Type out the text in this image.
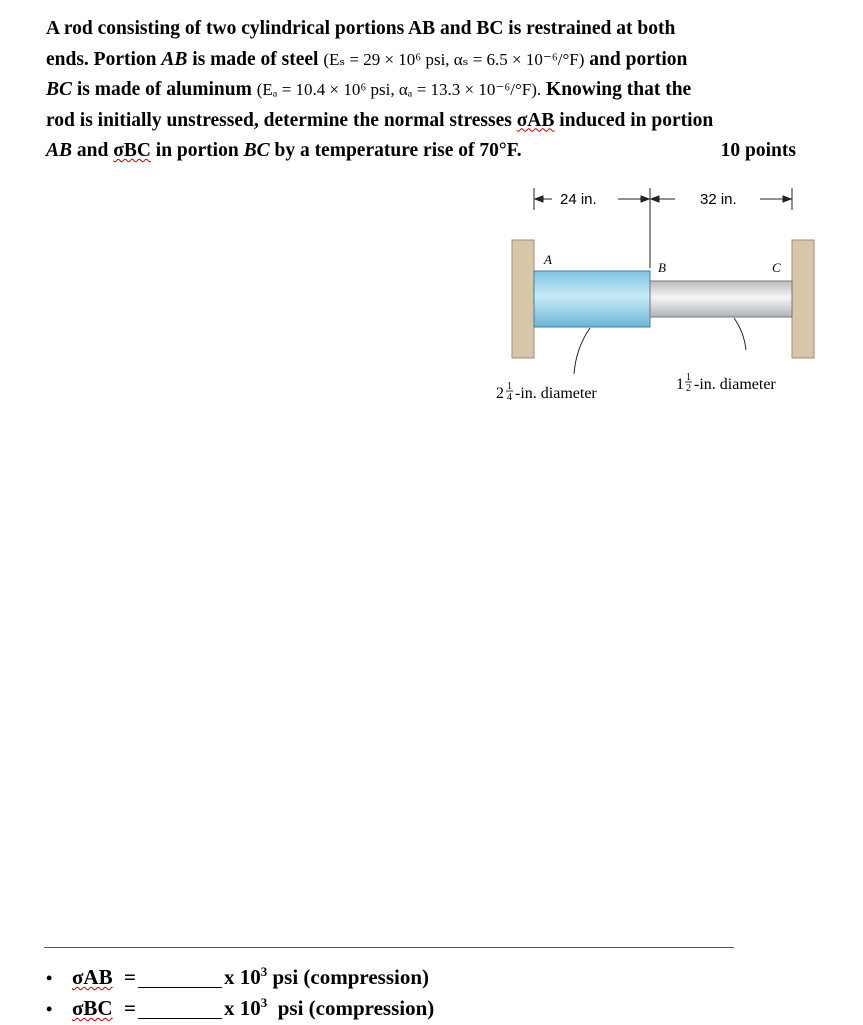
A rod consisting of two cylindrical portions AB and BC is restrained at both
ends. Portion AB is made of steel (Eₛ = 29 × 10⁶ psi, αₛ = 6.5 × 10⁻⁶/°F) and portion
BC is made of aluminum (Eₐ = 10.4 × 10⁶ psi, αₐ = 13.3 × 10⁻⁶/°F). Knowing that the
rod is initially unstressed, determine the normal stresses σAB induced in portion
AB and σBC in portion BC by a temperature rise of 70°F.	10 points
24 in.	32 in.
A
B	C
2 1
4 -in. diameter
1 1
2 -in. diameter
• σAB =	x $10^3$ psi (compression)
• σBC =	x $10^3$  psi (compression)
